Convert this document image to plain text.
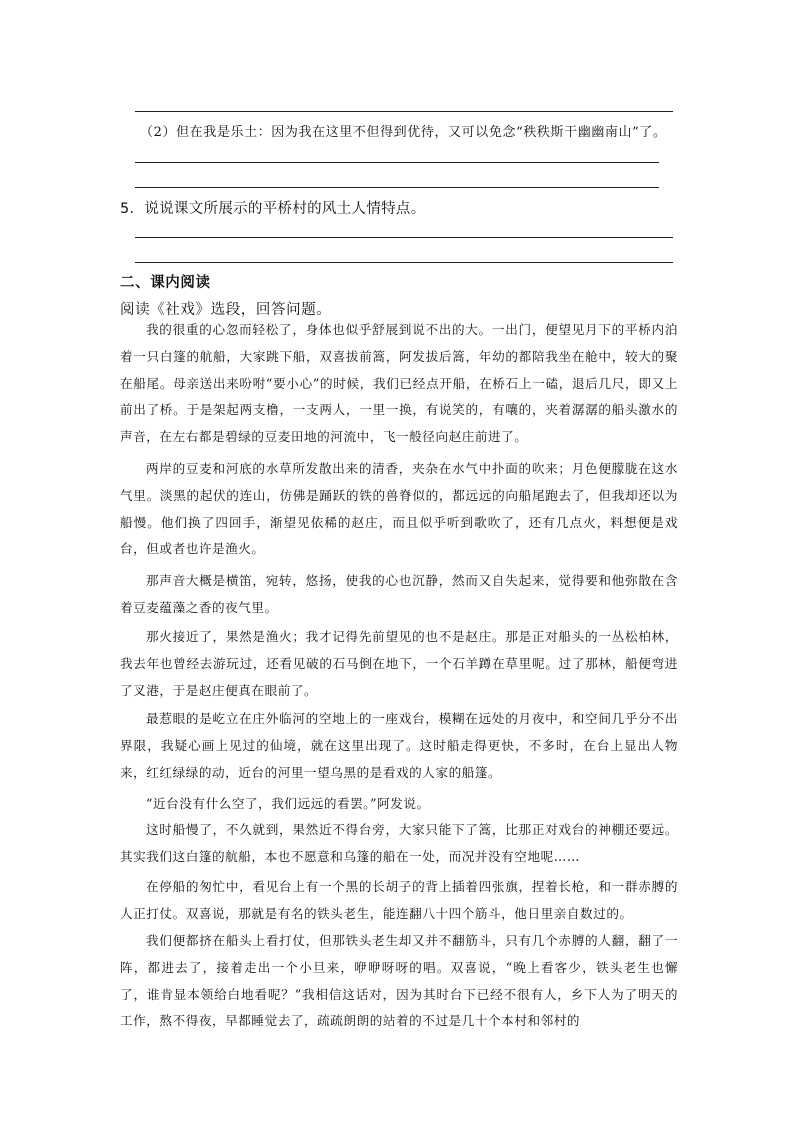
（2）但在我是乐土：因为我在这里不但得到优待，又可以免念“秩秩斯干幽幽南山”了。
5．说说课文所展示的平桥村的风土人情特点。
二、课内阅读
阅读《社戏》选段，回答问题。

我的很重的心忽而轻松了，身体也似乎舒展到说不出的大。一出门，便望见月下的平桥内泊着一只白篷的航船，大家跳下船，双喜拔前篙，阿发拔后篙，年幼的都陪我坐在舱中，较大的聚在船尾。母亲送出来吩咐“要小心”的时候，我们已经点开船，在桥石上一磕，退后几尺，即又上前出了桥。于是架起两支橹，一支两人，一里一换，有说笑的，有嚷的，夹着潺潺的船头激水的声音，在左右都是碧绿的豆麦田地的河流中，飞一般径向赵庄前进了。

两岸的豆麦和河底的水草所发散出来的清香，夹杂在水气中扑面的吹来；月色便朦胧在这水气里。淡黑的起伏的连山，仿佛是踊跃的铁的兽脊似的，都远远的向船尾跑去了，但我却还以为船慢。他们换了四回手，渐望见依稀的赵庄，而且似乎听到歌吹了，还有几点火，料想便是戏台，但或者也许是渔火。

那声音大概是横笛，宛转，悠扬，使我的心也沉静，然而又自失起来，觉得要和他弥散在含着豆麦蕴藻之香的夜气里。

那火接近了，果然是渔火；我才记得先前望见的也不是赵庄。那是正对船头的一丛松柏林，我去年也曾经去游玩过，还看见破的石马倒在地下，一个石羊蹲在草里呢。过了那林，船便弯进了叉港，于是赵庄便真在眼前了。

最惹眼的是屹立在庄外临河的空地上的一座戏台，模糊在远处的月夜中，和空间几乎分不出界限，我疑心画上见过的仙境，就在这里出现了。这时船走得更快，不多时，在台上显出人物来，红红绿绿的动，近台的河里一望乌黑的是看戏的人家的船篷。

“近台没有什么空了，我们远远的看罢。”阿发说。

这时船慢了，不久就到，果然近不得台旁，大家只能下了篙，比那正对戏台的神棚还要远。其实我们这白篷的航船，本也不愿意和乌篷的船在一处，而况并没有空地呢……

在停船的匆忙中，看见台上有一个黑的长胡子的背上插着四张旗，捏着长枪，和一群赤膊的人正打仗。双喜说，那就是有名的铁头老生，能连翻八十四个筋斗，他日里亲自数过的。

我们便都挤在船头上看打仗，但那铁头老生却又并不翻筋斗，只有几个赤膊的人翻，翻了一阵，都进去了，接着走出一个小旦来，咿咿呀呀的唱。双喜说，“晚上看客少，铁头老生也懈了，谁肯显本领给白地看呢？”我相信这话对，因为其时台下已经不很有人，乡下人为了明天的工作，熬不得夜，早都睡觉去了，疏疏朗朗的站着的不过是几十个本村和邻村的
